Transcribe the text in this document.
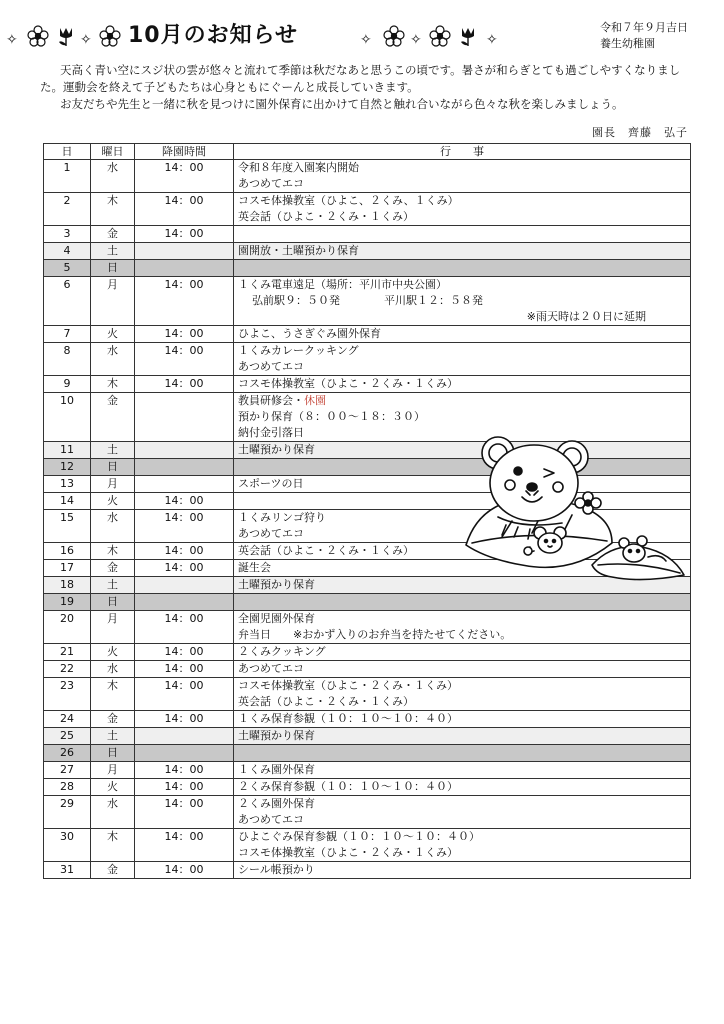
✧	✧ 10月のお知らせ	✧	✧	✧
令和７年９月吉日
養生幼稚園

天高く青い空にスジ状の雲が悠々と流れて季節は秋だなあと思うこの頃です。暑さが和らぎとても過ごしやすくなりました。運動会を終えて子どもたちは心身ともにぐーんと成長していきます。

お友だちや先生と一緒に秋を見つけに園外保育に出かけて自然と触れ合いながら色々な秋を楽しみましょう。

園長　齊藤　弘子
日	曜日	降園時間	行　　事
1	水	14：00	令和８年度入園案内開始
あつめてエコ

2	木	14：00	コスモ体操教室（ひよこ、２くみ、１くみ）
英会話（ひよこ・２くみ・１くみ）

3	金	14：00	

4	土		園開放・土曜預かり保育

5	日		

6	月	14：00	１くみ電車遠足（場所：平川市中央公園）
弘前駅９：５０発　　　　平川駅１２：５８発
※雨天時は２０日に延期

7	火	14：00	ひよこ、うさぎぐみ園外保育

8	水	14：00	１くみカレークッキング
あつめてエコ

9	木	14：00	コスモ体操教室（ひよこ・２くみ・１くみ）

10	金		教員研修会・休園
預かり保育（８：００～１８：３０）
納付金引落日

11	土		土曜預かり保育

12	日		

13	月		スポーツの日

14	火	14：00	

15	水	14：00	１くみリンゴ狩り
あつめてエコ

16	木	14：00	英会話（ひよこ・２くみ・１くみ）

17	金	14：00	誕生会

18	土		土曜預かり保育

19	日		

20	月	14：00	全園児園外保育
弁当日　　※おかず入りのお弁当を持たせてください。

21	火	14：00	２くみクッキング

22	水	14：00	あつめてエコ

23	木	14：00	コスモ体操教室（ひよこ・２くみ・１くみ）
英会話（ひよこ・２くみ・１くみ）

24	金	14：00	１くみ保育参観（１０：１０～１０：４０）

25	土		土曜預かり保育

26	日		

27	月	14：00	１くみ園外保育

28	火	14：00	２くみ保育参観（１０：１０～１０：４０）

29	水	14：00	２くみ園外保育
あつめてエコ

30	木	14：00	ひよこぐみ保育参観（１０：１０～１０：４０）
コスモ体操教室（ひよこ・２くみ・１くみ）

31	金	14：00	シール帳預かり
